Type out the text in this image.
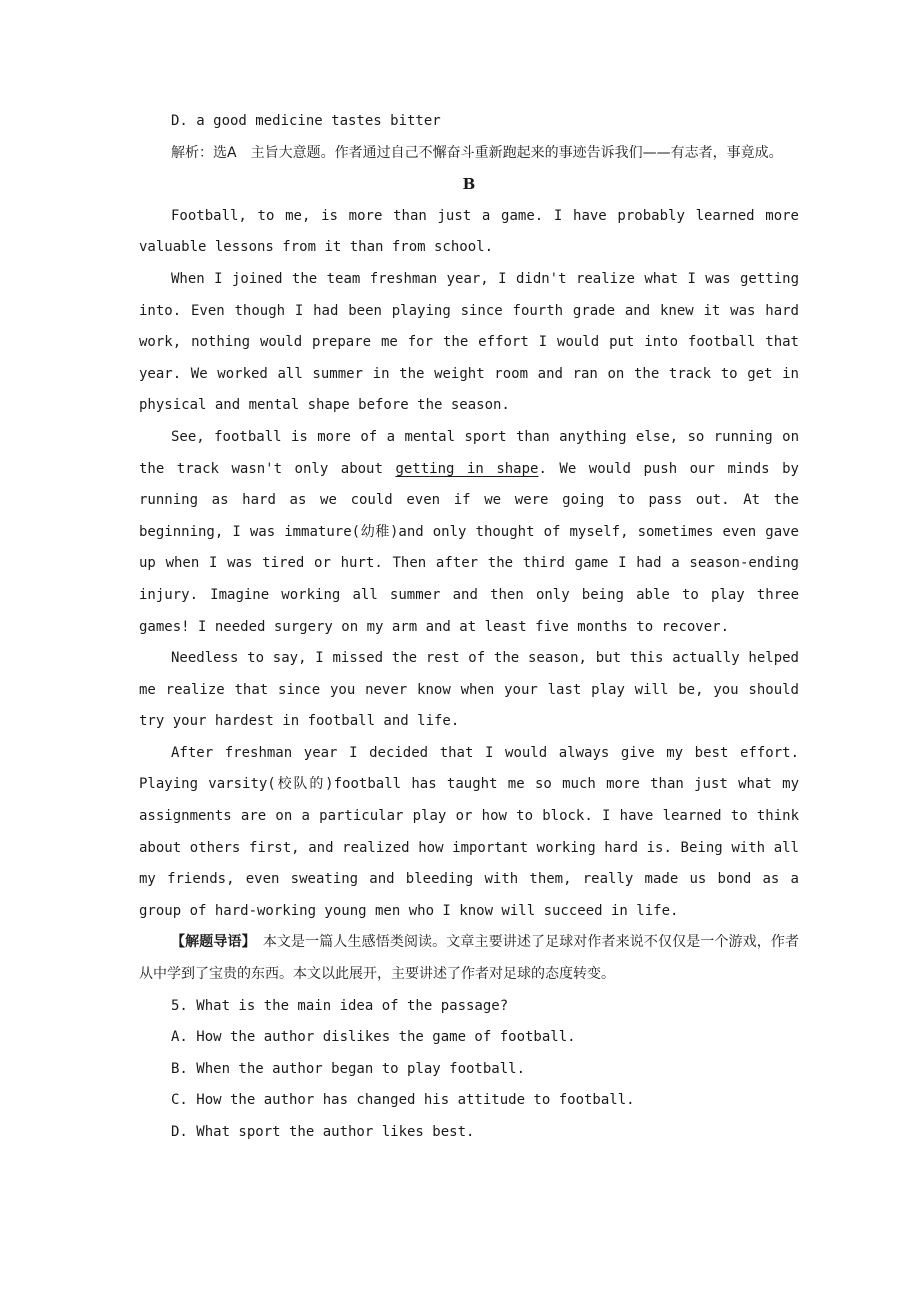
D. a good medicine tastes bitter

解析：选A　主旨大意题。作者通过自己不懈奋斗重新跑起来的事迹告诉我们——有志者，事竟成。

B

Football, to me, is more than just a game. I have probably learned more valuable lessons from it than from school.

When I joined the team freshman year, I didn't realize what I was getting into. Even though I had been playing since fourth grade and knew it was hard work, nothing would prepare me for the effort I would put into football that year. We worked all summer in the weight room and ran on the track to get in physical and mental shape before the season.

See, football is more of a mental sport than anything else, so running on the track wasn't only about getting in shape. We would push our minds by running as hard as we could even if we were going to pass out. At the beginning, I was immature(幼稚)and only thought of myself, sometimes even gave up when I was tired or hurt. Then after the third game I had a season-ending injury. Imagine working all summer and then only being able to play three games! I needed surgery on my arm and at least five months to recover.

Needless to say, I missed the rest of the season, but this actually helped me realize that since you never know when your last play will be, you should try your hardest in football and life.

After freshman year I decided that I would always give my best effort. Playing varsity(校队的)football has taught me so much more than just what my assignments are on a particular play or how to block. I have learned to think about others first, and realized how important working hard is. Being with all my friends, even sweating and bleeding with them, really made us bond as a group of hard-working young men who I know will succeed in life.

【解题导语】　 本文是一篇人生感悟类阅读。文章主要讲述了足球对作者来说不仅仅是一个游戏，作者从中学到了宝贵的东西。本文以此展开，主要讲述了作者对足球的态度转变。

5. What is the main idea of the passage?

A. How the author dislikes the game of football.

B. When the author began to play football.

C. How the author has changed his attitude to football.

D. What sport the author likes best.
